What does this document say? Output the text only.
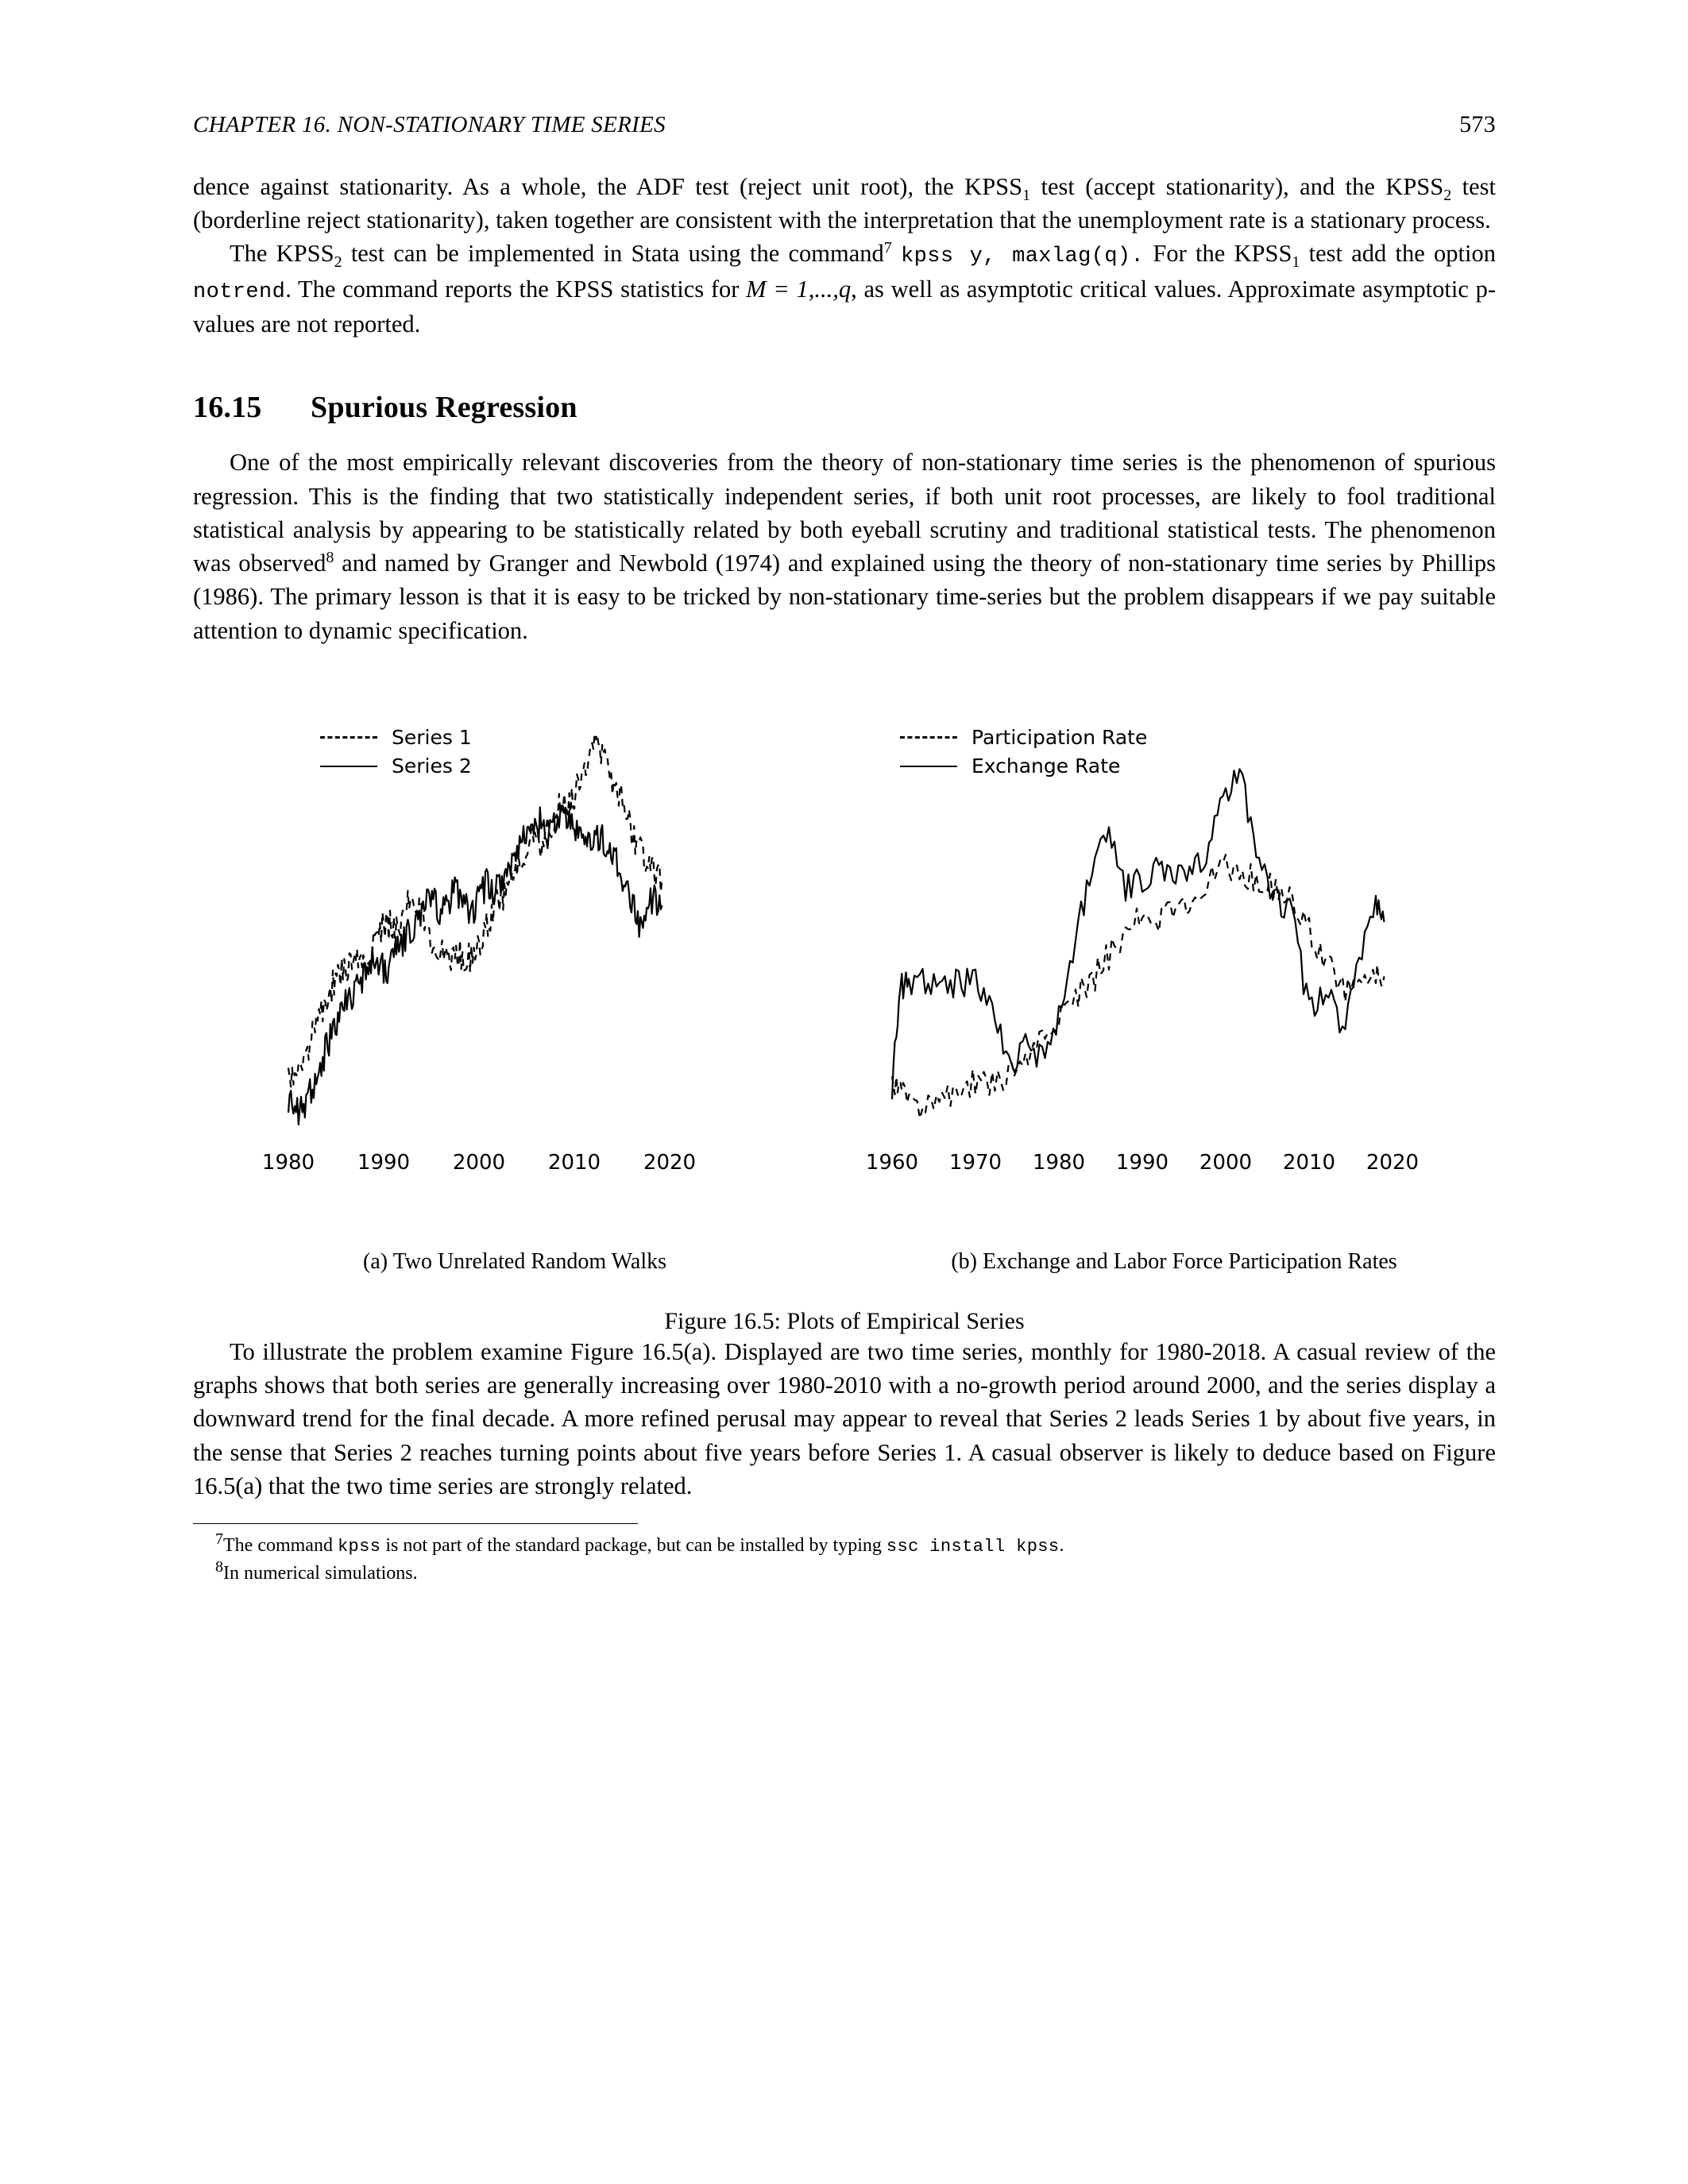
CHAPTER 16. NON-STATIONARY TIME SERIES	573

dence against stationarity. As a whole, the ADF test (reject unit root), the $KPSS_1$ test (accept stationarity), and the $KPSS_2$ test (borderline reject stationarity), taken together are consistent with the interpretation that the unemployment rate is a stationary process.

The $KPSS_2$ test can be implemented in Stata using the command$^7$ kpss y, maxlag(q). For the $KPSS_1$ test add the option notrend. The command reports the KPSS statistics for M = 1,...,q, as well as asymptotic critical values. Approximate asymptotic p-values are not reported.

16.15 Spurious Regression

One of the most empirically relevant discoveries from the theory of non-stationary time series is the phenomenon of spurious regression. This is the finding that two statistically independent series, if both unit root processes, are likely to fool traditional statistical analysis by appearing to be statistically related by both eyeball scrutiny and traditional statistical tests. The phenomenon was observed$^8$ and named by Granger and Newbold (1974) and explained using the theory of non-stationary time series by Phillips (1986). The primary lesson is that it is easy to be tricked by non-stationary time-series but the problem disappears if we pay suitable attention to dynamic specification.

Series 1
Series 2
1980 1990 2000 2010 2020
Participation Rate
Exchange Rate
1960 1970 1980 1990 2000 2010 2020
(a) Two Unrelated Random Walks	(b) Exchange and Labor Force Participation Rates
Figure 16.5: Plots of Empirical Series

To illustrate the problem examine Figure 16.5(a). Displayed are two time series, monthly for 1980-2018. A casual review of the graphs shows that both series are generally increasing over 1980-2010 with a no-growth period around 2000, and the series display a downward trend for the final decade. A more refined perusal may appear to reveal that Series 2 leads Series 1 by about five years, in the sense that Series 2 reaches turning points about five years before Series 1. A casual observer is likely to deduce based on Figure 16.5(a) that the two time series are strongly related.

$^7$The command kpss is not part of the standard package, but can be installed by typing ssc install kpss.
$^8$In numerical simulations.
